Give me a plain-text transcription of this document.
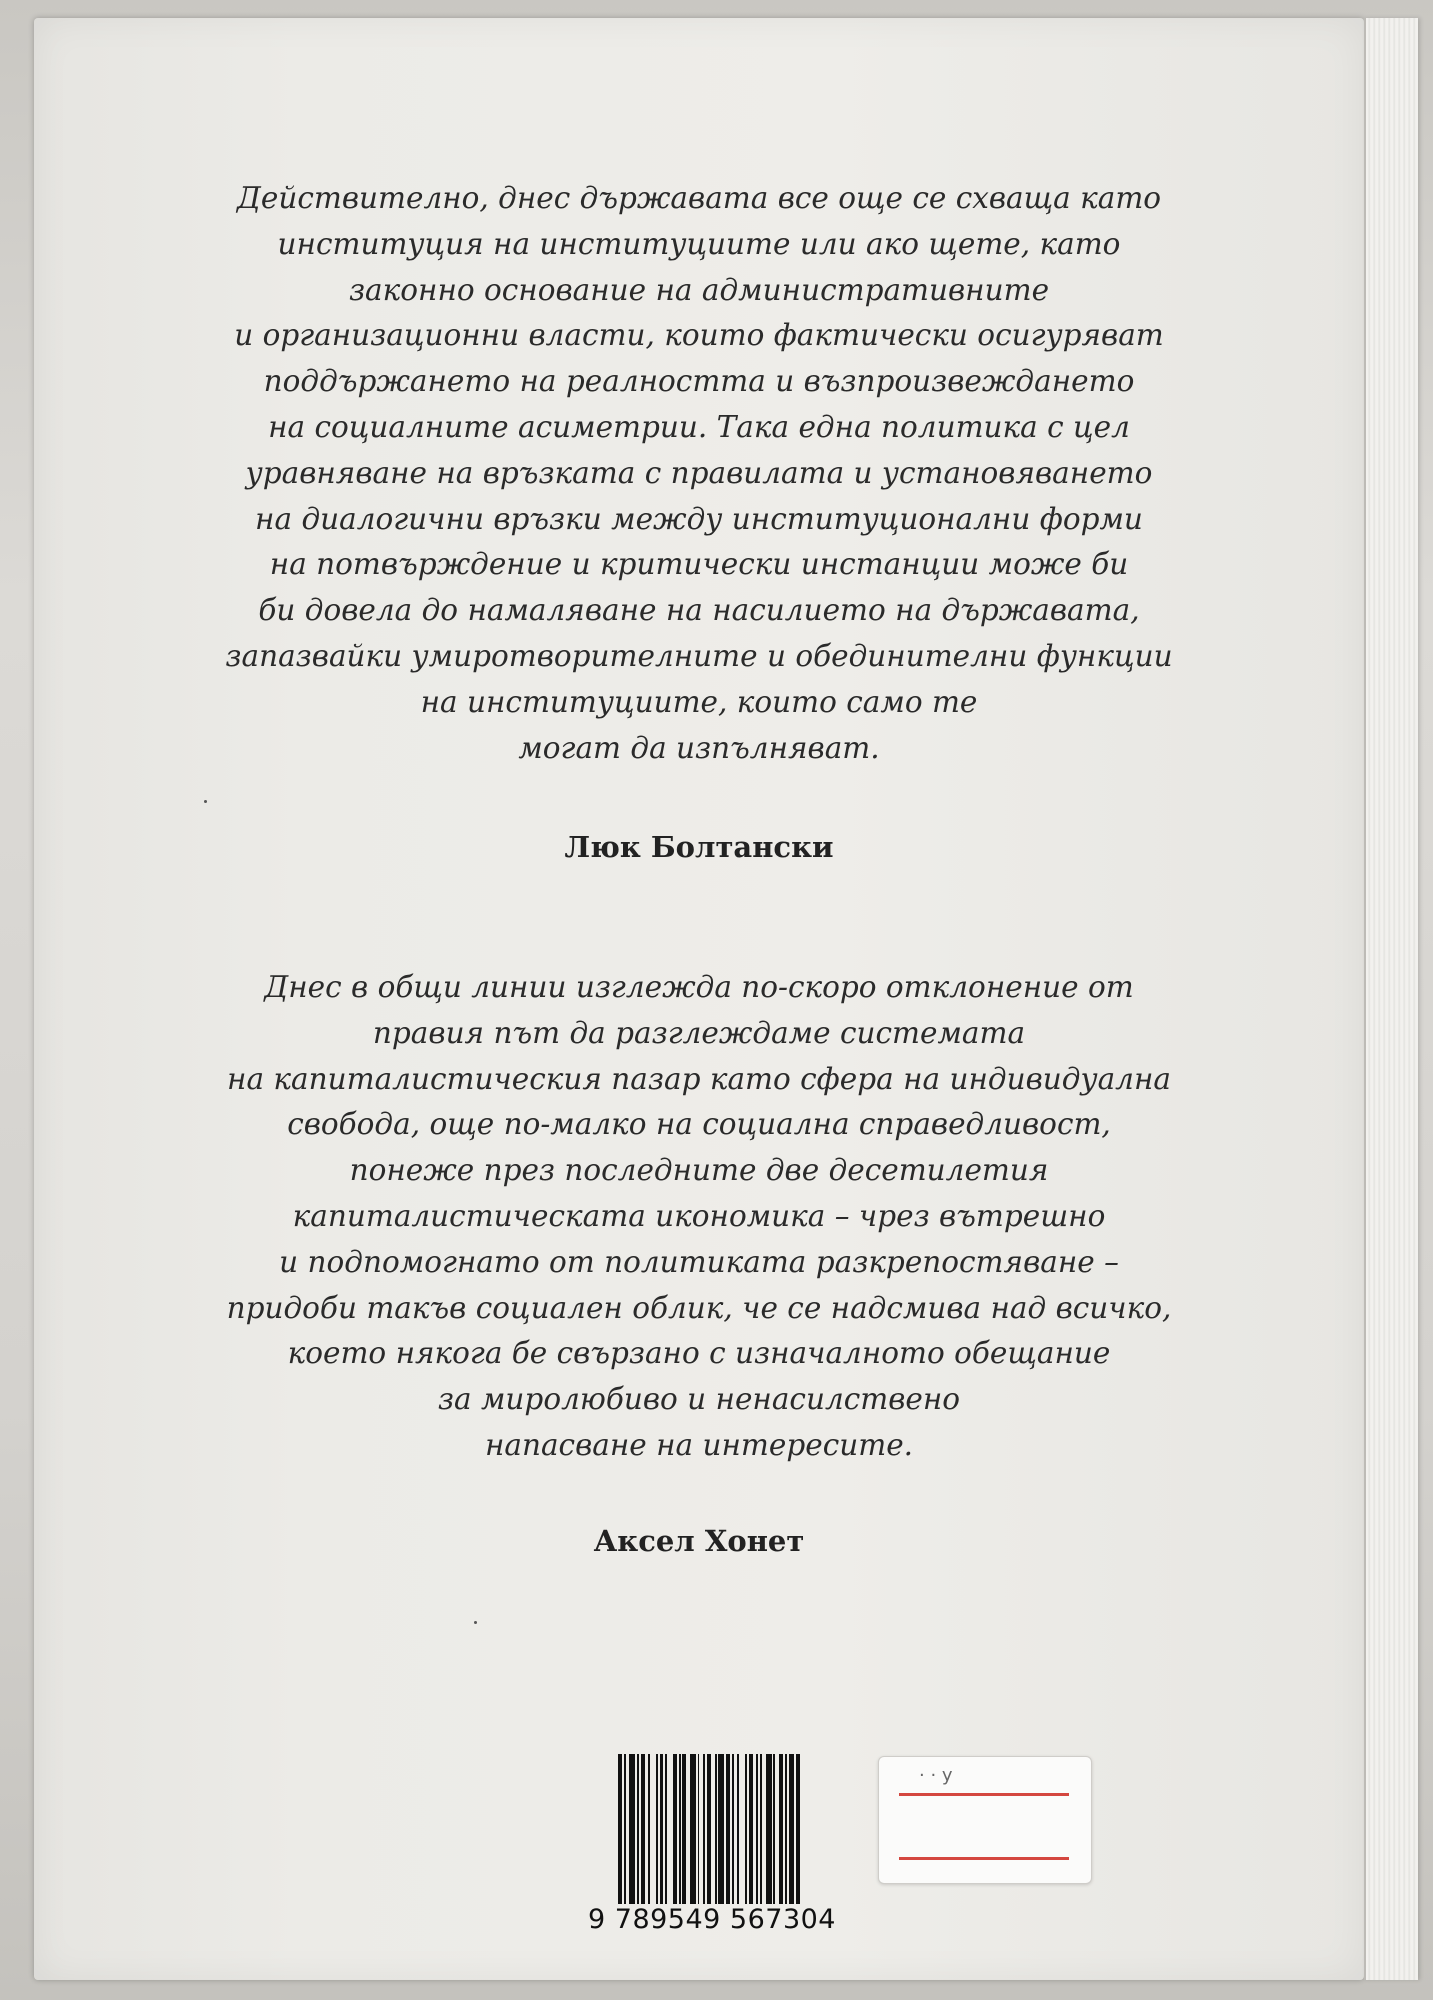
Действително, днес държавата все още се схваща като
институция на институциите или ако щете, като
законно основание на административните
и организационни власти, които фактически осигуряват
поддържането на реалността и възпроизвеждането
на социалните асиметрии. Така една политика с цел
уравняване на връзката с правилата и установяването
на диалогични връзки между институционални форми
на потвърждение и критически инстанции може би
би довела до намаляване на насилието на държавата,
запазвайки умиротворителните и обединителни функции
на институциите, които само те
могат да изпълняват.
Люк Болтански
Днес в общи линии изглежда по-скоро отклонение от
правия път да разглеждаме системата
на капиталистическия пазар като сфера на индивидуална
свобода, още по-малко на социална справедливост,
понеже през последните две десетилетия
капиталистическата икономика – чрез вътрешно
и подпомогнато от политиката разкрепостяване –
придоби такъв социален облик, че се надсмива над всичко,
което някога бе свързано с изначалното обещание
за миролюбиво и ненасилствено
напасване на интересите.
Аксел Хонет
9 789549 567304
· · у
